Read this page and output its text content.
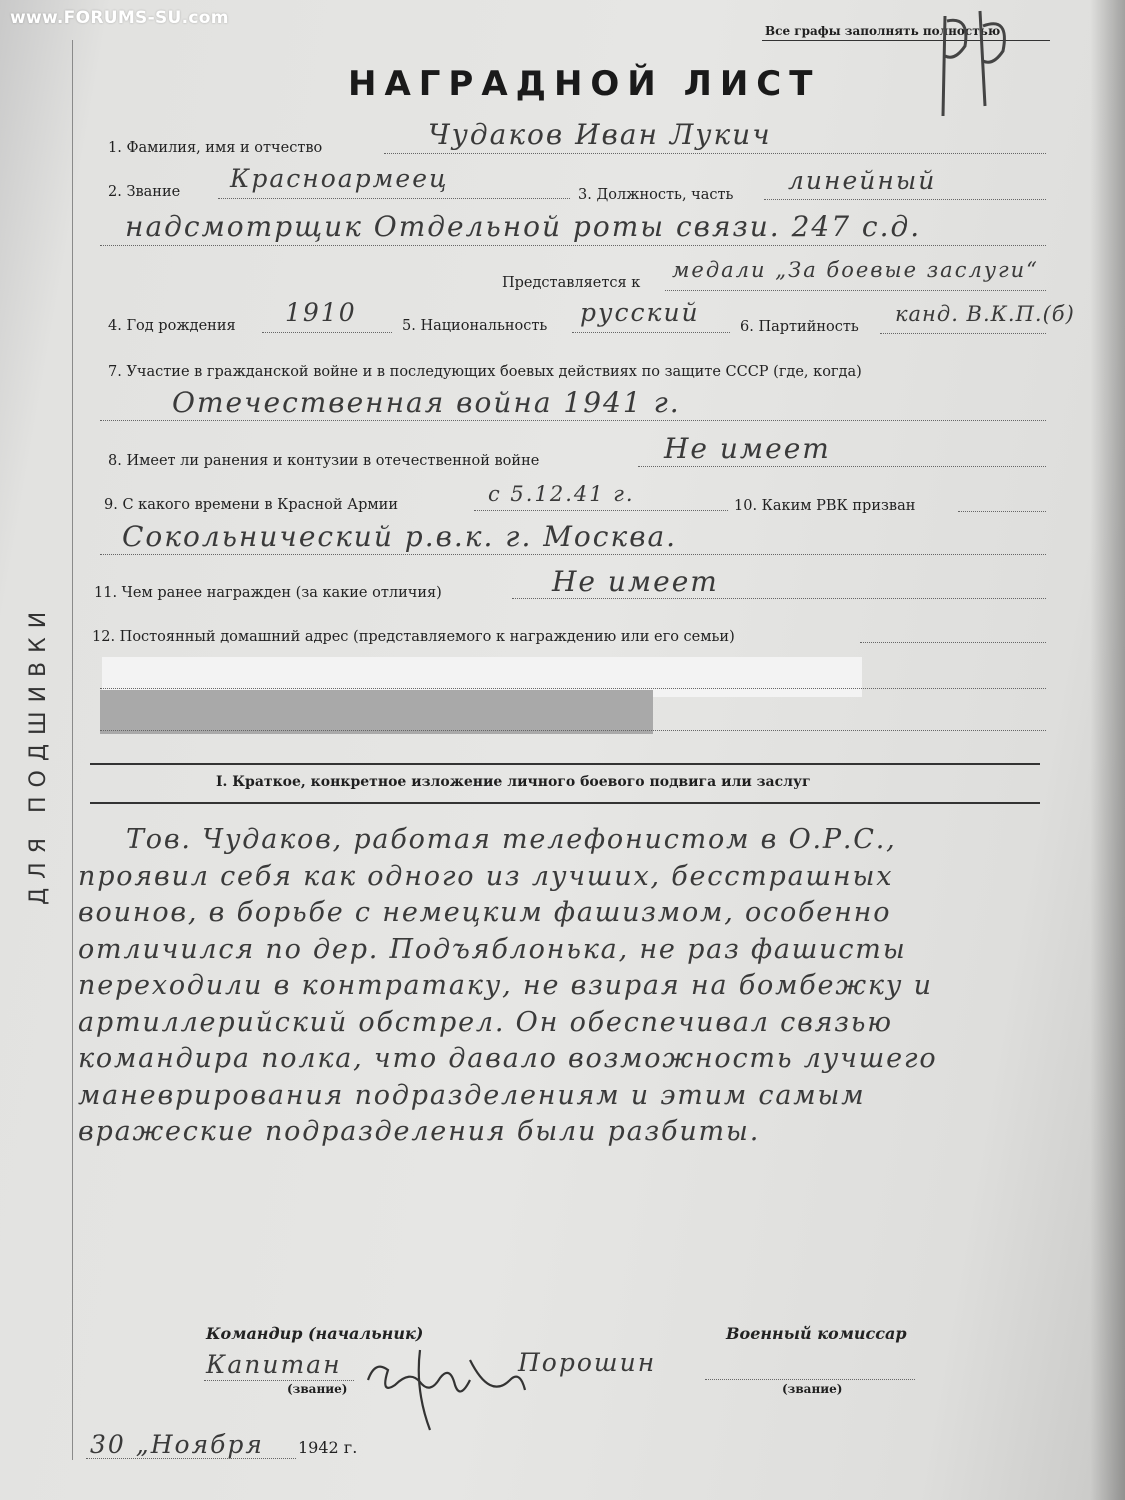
www.FORUMS-SU.com
ДЛЯ ПОДШИВКИ
Все графы заполнять полностью
НАГРАДНОЙ ЛИСТ
1. Фамилия, имя и отчество	Чудаков Иван Лукич
2. Звание Красноармеец
3. Должность, часть линейный
надсмотрщик Отдельной роты связи. 247 с.д.
Представляется к
медали „За боевые заслуги“
4. Год рождения 1910	5. Национальность русский	6. Партийность
канд. В.К.П.(б)
7. Участие в гражданской войне и в последующих боевых действиях по защите СССР (где, когда)
Отечественная война 1941 г.
8. Имеет ли ранения и контузии в отечественной войне	Не имеет
9. С какого времени в Красной Армии	с 5.12.41 г.	10. Каким РВК призван
Сокольнический р.в.к. г. Москва.
11. Чем ранее награжден (за какие отличия)	Не имеет
12. Постоянный домашний адрес (представляемого к награждению или его семьи)
I. Краткое, конкретное изложение личного боевого подвига или заслуг
Тов. Чудаков, работая телефонистом в О.Р.С.,
проявил себя как одного из лучших, бесстрашных
воинов, в борьбе с немецким фашизмом, особенно
отличился по дер. Подъяблонька, не раз фашисты
переходили в контратаку, не взирая на бомбежку и
артиллерийский обстрел. Он обеспечивал связью
командира полка, что давало возможность лучшего
маневрирования подразделениям и этим самым
вражеские подразделения были разбиты.
Командир (начальник)	Военный комиссар
Капитан
(звание)
Порошин
(звание)
30 „Ноября 1942 г.
